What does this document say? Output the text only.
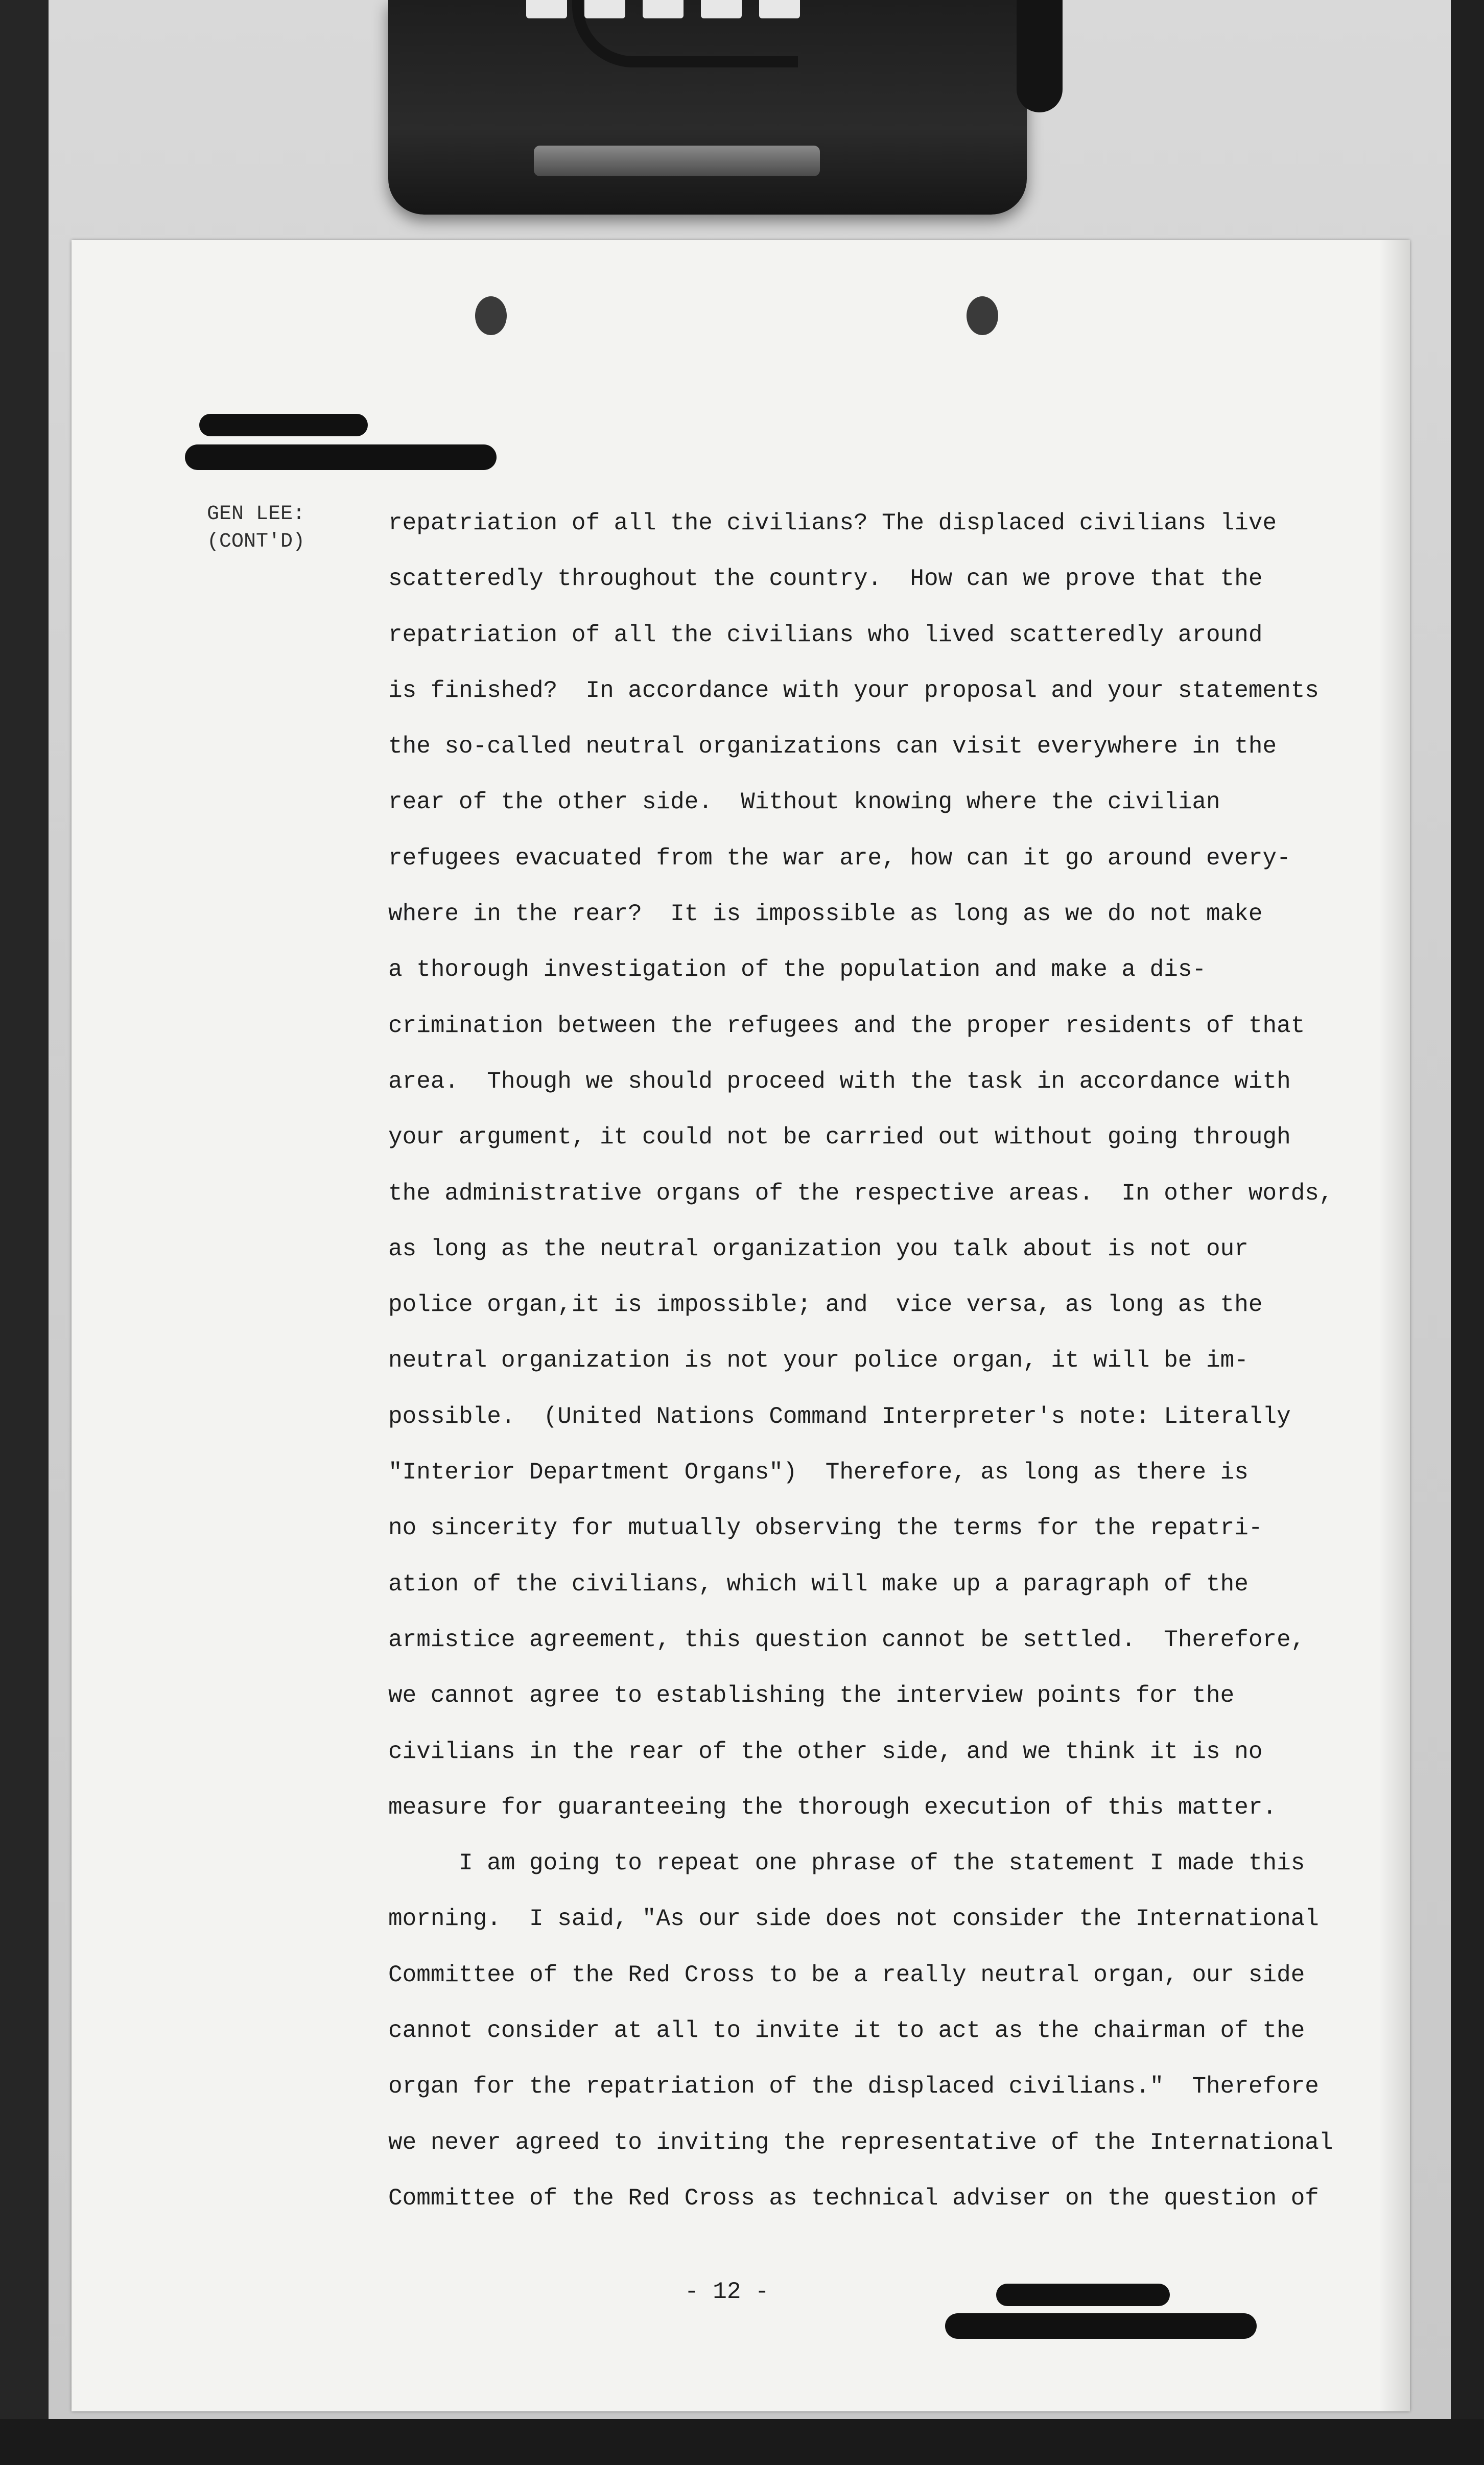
GEN LEE:
(CONT'D)
repatriation of all the civilians? The displaced civilians live
scatteredly throughout the country.  How can we prove that the
repatriation of all the civilians who lived scatteredly around
is finished?  In accordance with your proposal and your statements
the so-called neutral organizations can visit everywhere in the
rear of the other side.  Without knowing where the civilian
refugees evacuated from the war are, how can it go around every-
where in the rear?  It is impossible as long as we do not make
a thorough investigation of the population and make a dis-
crimination between the refugees and the proper residents of that
area.  Though we should proceed with the task in accordance with
your argument, it could not be carried out without going through
the administrative organs of the respective areas.  In other words,
as long as the neutral organization you talk about is not our
police organ,it is impossible; and  vice versa, as long as the
neutral organization is not your police organ, it will be im-
possible.  (United Nations Command Interpreter's note: Literally
"Interior Department Organs")  Therefore, as long as there is
no sincerity for mutually observing the terms for the repatri-
ation of the civilians, which will make up a paragraph of the
armistice agreement, this question cannot be settled.  Therefore,
we cannot agree to establishing the interview points for the
civilians in the rear of the other side, and we think it is no
measure for guaranteeing the thorough execution of this matter.
I am going to repeat one phrase of the statement I made this
morning.  I said, "As our side does not consider the International
Committee of the Red Cross to be a really neutral organ, our side
cannot consider at all to invite it to act as the chairman of the
organ for the repatriation of the displaced civilians."  Therefore
we never agreed to inviting the representative of the International
Committee of the Red Cross as technical adviser on the question of
- 12 -
